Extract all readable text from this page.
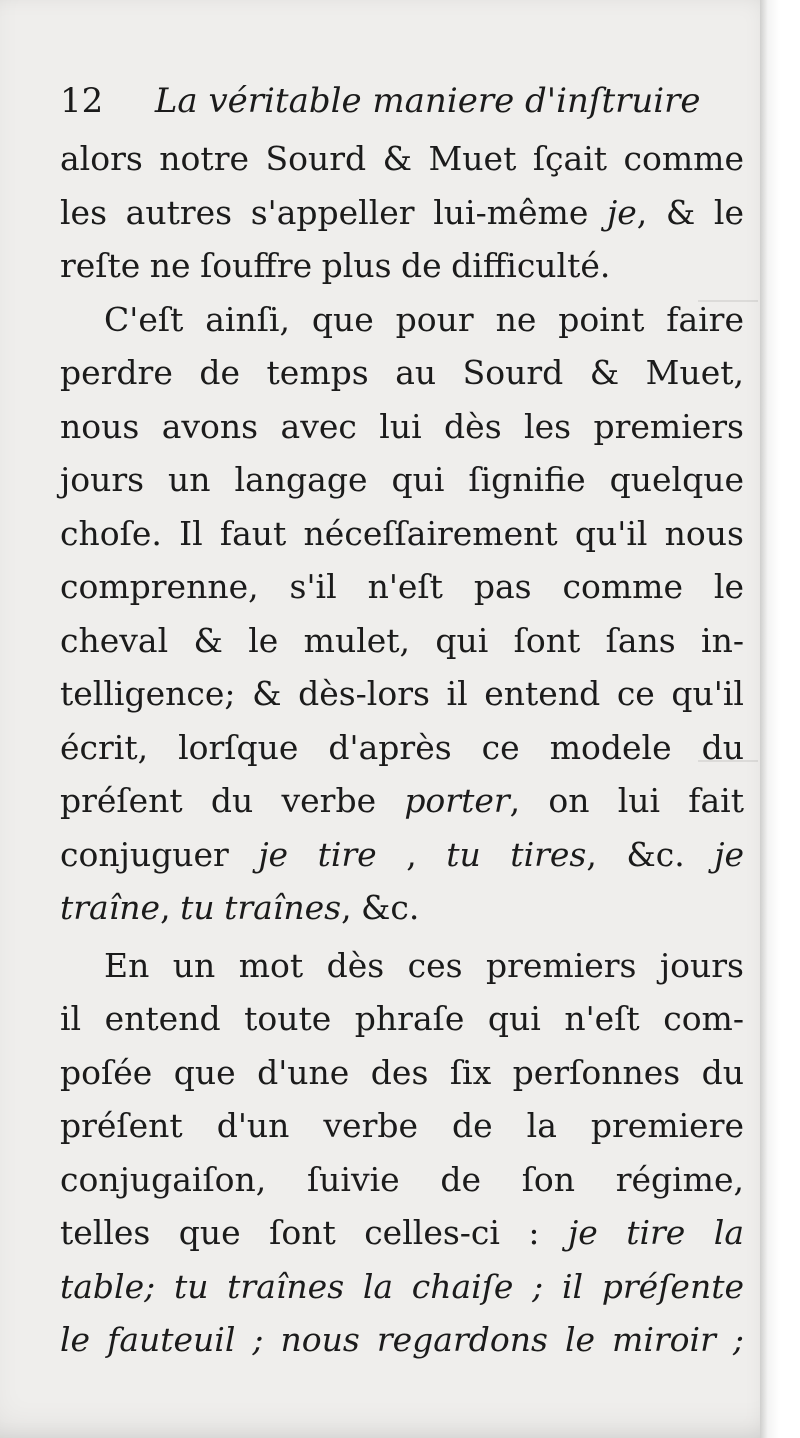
12 La véritable maniere d'inſtruire
alors notre Sourd & Muet ſçait comme
les autres s'appeller lui-même je, & le
reſte ne ſouffre plus de difficulté.
C'eſt ainſi, que pour ne point faire
perdre de temps au Sourd & Muet,
nous avons avec lui dès les premiers
jours un langage qui ſignifie quelque
choſe. Il faut néceſſairement qu'il nous
comprenne, s'il n'eſt pas comme le
cheval & le mulet, qui ſont ſans in-
telligence; & dès-lors il entend ce qu'il
écrit, lorſque d'après ce modele du
préſent du verbe porter, on lui fait
conjuguer je tire , tu tires, &c. je
traîne, tu traînes, &c.
En un mot dès ces premiers jours
il entend toute phraſe qui n'eſt com-
poſée que d'une des ſix perſonnes du
préſent d'un verbe de la premiere
conjugaiſon, ſuivie de ſon régime,
telles que ſont celles-ci : je tire la
table; tu traînes la chaiſe ; il préſente
le fauteuil ; nous regardons le miroir ;
